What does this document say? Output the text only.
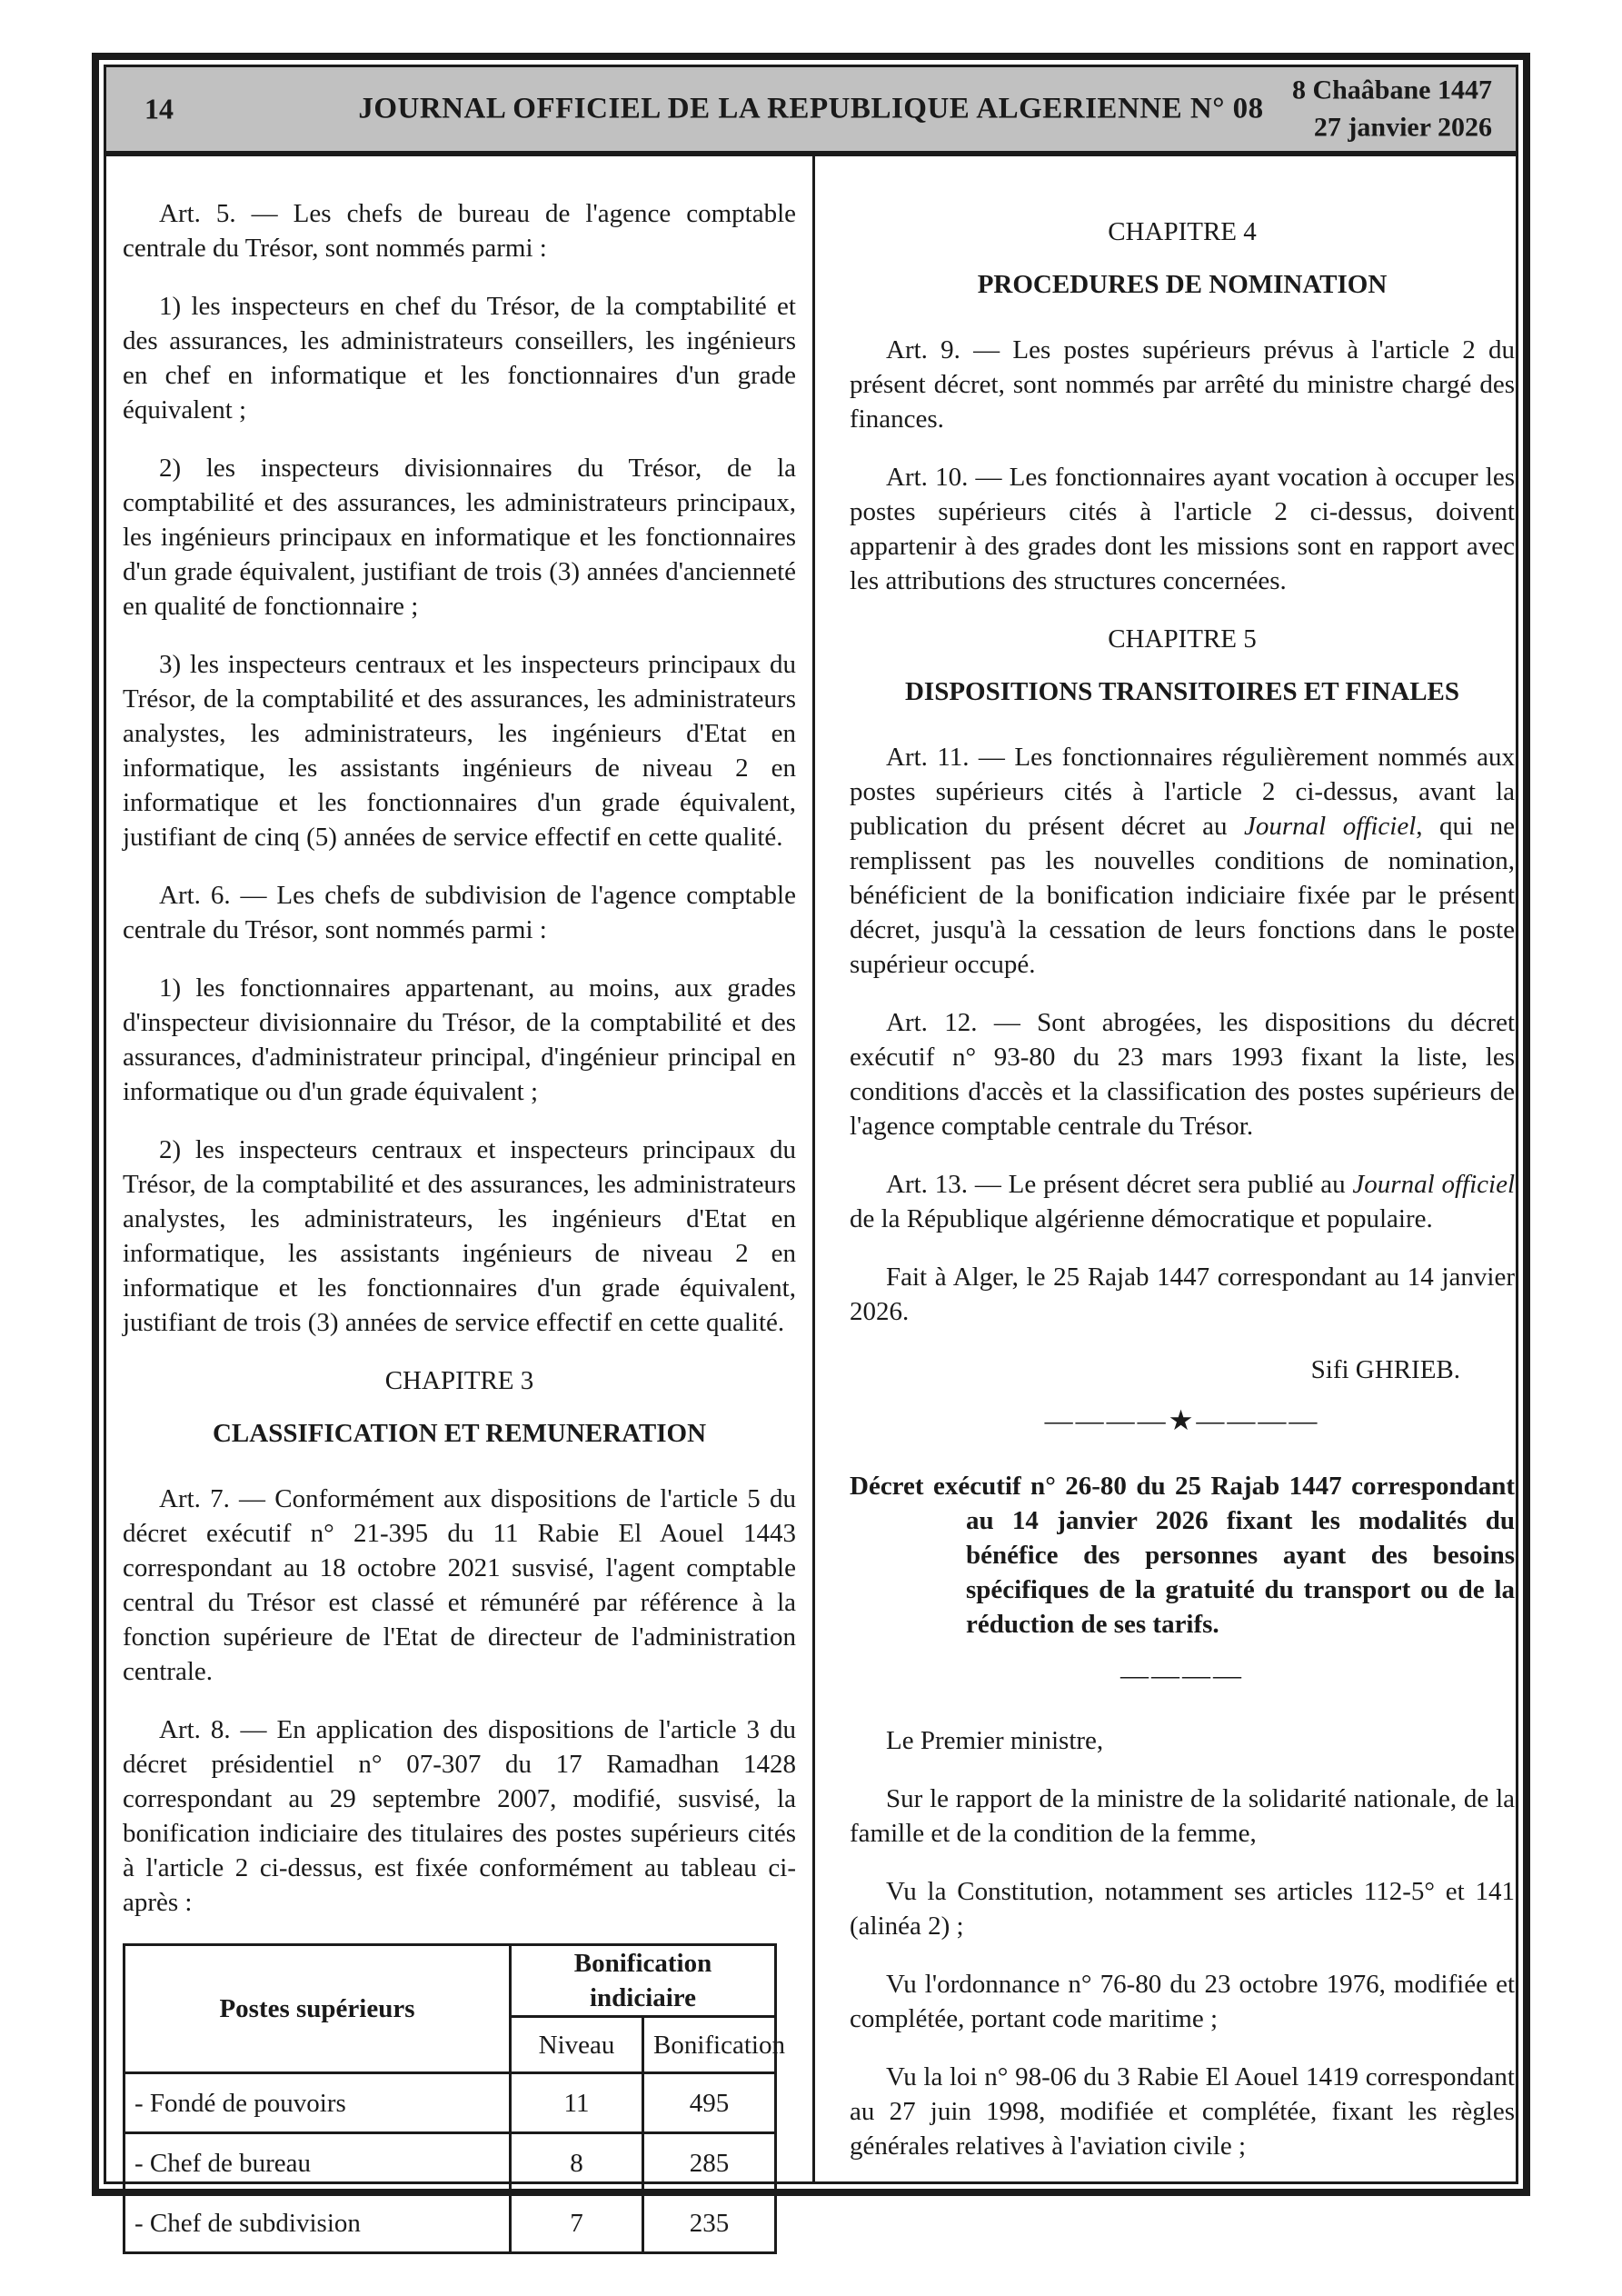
14	JOURNAL OFFICIEL DE LA REPUBLIQUE ALGERIENNE N° 08
8 Chaâbane 1447
27 janvier 2026

Art. 5. — Les chefs de bureau de l'agence comptable centrale du Trésor, sont nommés parmi :

1) les inspecteurs en chef du Trésor, de la comptabilité et des assurances, les administrateurs conseillers, les ingénieurs en chef en informatique et les fonctionnaires d'un grade équivalent ;

2) les inspecteurs divisionnaires du Trésor, de la comptabilité et des assurances, les administrateurs principaux, les ingénieurs principaux en informatique et les fonctionnaires d'un grade équivalent, justifiant de trois (3) années d'ancienneté en qualité de fonctionnaire ;

3) les inspecteurs centraux et les inspecteurs principaux du Trésor, de la comptabilité et des assurances, les administrateurs analystes, les administrateurs, les ingénieurs d'Etat en informatique, les assistants ingénieurs de niveau 2 en informatique et les fonctionnaires d'un grade équivalent, justifiant de cinq (5) années de service effectif en cette qualité.

Art. 6. — Les chefs de subdivision de l'agence comptable centrale du Trésor, sont nommés parmi :

1) les fonctionnaires appartenant, au moins, aux grades d'inspecteur divisionnaire du Trésor, de la comptabilité et des assurances, d'administrateur principal, d'ingénieur principal en informatique ou d'un grade équivalent ;

2) les inspecteurs centraux et inspecteurs principaux du Trésor, de la comptabilité et des assurances, les administrateurs analystes, les administrateurs, les ingénieurs d'Etat en informatique, les assistants ingénieurs de niveau 2 en informatique et les fonctionnaires d'un grade équivalent, justifiant de trois (3) années de service effectif en cette qualité.

CHAPITRE 3
CLASSIFICATION ET REMUNERATION

Art. 7. — Conformément aux dispositions de l'article 5 du décret exécutif n° 21-395 du 11 Rabie El Aouel 1443 correspondant au 18 octobre 2021 susvisé, l'agent comptable central du Trésor est classé et rémunéré par référence à la fonction supérieure de l'Etat de directeur de l'administration centrale.

Art. 8. — En application des dispositions de l'article 3 du décret présidentiel n° 07-307 du 17 Ramadhan 1428 correspondant au 29 septembre 2007, modifié, susvisé, la bonification indiciaire des titulaires des postes supérieurs cités à l'article 2 ci-dessus, est fixée conformément au tableau ci-après :

Postes supérieurs	Bonification indiciaire	
	Niveau	Bonification
- Fondé de pouvoirs	11	495
- Chef de bureau	8	285
- Chef de subdivision	7	235
CHAPITRE 4
PROCEDURES DE NOMINATION

Art. 9. — Les postes supérieurs prévus à l'article 2 du présent décret, sont nommés par arrêté du ministre chargé des finances.

Art. 10. — Les fonctionnaires ayant vocation à occuper les postes supérieurs cités à l'article 2 ci-dessus, doivent appartenir à des grades dont les missions sont en rapport avec les attributions des structures concernées.

CHAPITRE 5
DISPOSITIONS TRANSITOIRES ET FINALES

Art. 11. — Les fonctionnaires régulièrement nommés aux postes supérieurs cités à l'article 2 ci-dessus, avant la publication du présent décret au Journal officiel, qui ne remplissent pas les nouvelles conditions de nomination, bénéficient de la bonification indiciaire fixée par le présent décret, jusqu'à la cessation de leurs fonctions dans le poste supérieur occupé.

Art. 12. — Sont abrogées, les dispositions du décret exécutif n° 93-80 du 23 mars 1993 fixant la liste, les conditions d'accès et la classification des postes supérieurs de l'agence comptable centrale du Trésor.

Art. 13. — Le présent décret sera publié au Journal officiel de la République algérienne démocratique et populaire.

Fait à Alger, le 25 Rajab 1447 correspondant au 14 janvier 2026.

Sifi GHRIEB.
————★————

Décret exécutif n° 26-80 du 25 Rajab 1447 correspondant au 14 janvier 2026 fixant les modalités du bénéfice des personnes ayant des besoins spécifiques de la gratuité du transport ou de la réduction de ses tarifs.

————

Le Premier ministre,

Sur le rapport de la ministre de la solidarité nationale, de la famille et de la condition de la femme,

Vu la Constitution, notamment ses articles 112-5° et 141 (alinéa 2) ;

Vu l'ordonnance n° 76-80 du 23 octobre 1976, modifiée et complétée, portant code maritime ;

Vu la loi n° 98-06 du 3 Rabie El Aouel 1419 correspondant au 27 juin 1998, modifiée et complétée, fixant les règles générales relatives à l'aviation civile ;
